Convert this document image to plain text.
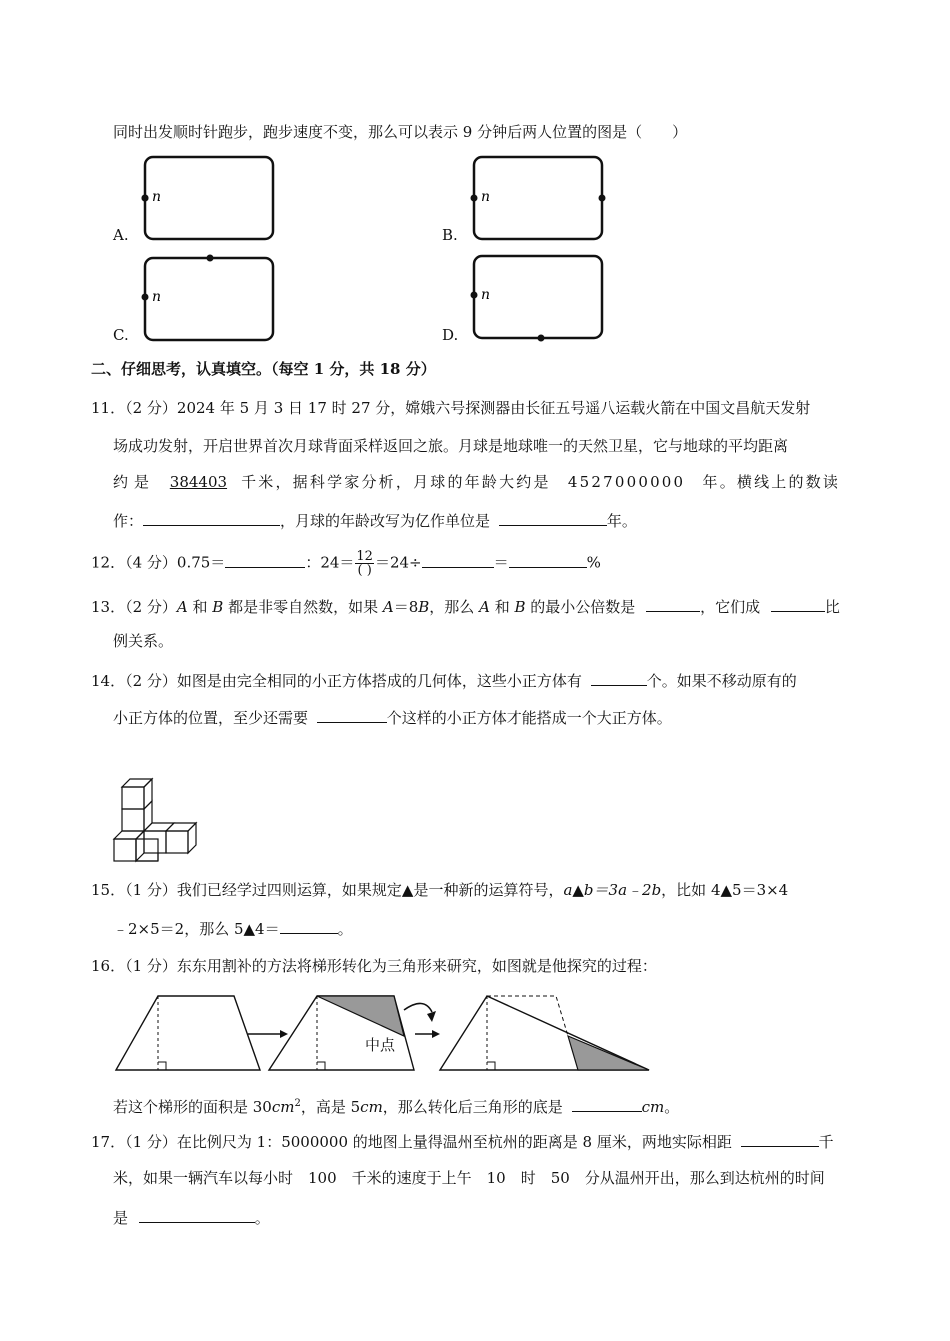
同时出发顺时针跑步，跑步速度不变，那么可以表示 9 分钟后两人位置的图是（　　）
A.
n
B.
n
C.
n
D.
n
二、仔细思考，认真填空。（每空 1 分，共 18 分）
11．（2 分）2024 年 5 月 3 日 17 时 27 分，嫦娥六号探测器由长征五号遥八运载火箭在中国文昌航天发射
场成功发射，开启世界首次月球背面采样返回之旅。月球是地球唯一的天然卫星，它与地球的平均距离
约是 384403 千米，据科学家分析，月球的年龄大约是　4527000000　年。横线上的数读
作：	，月球的年龄改写为亿作单位是	年。
12．（4 分）0.75＝	：$24= \frac{12}{( )} =24\div$	＝	%
13．（2 分）A 和 B 都是非零自然数，如果 A＝8B，那么 A 和 B 的最小公倍数是	，它们成	比
例关系。
14．（2 分）如图是由完全相同的小正方体搭成的几何体，这些小正方体有	个。如果不移动原有的
小正方体的位置，至少还需要	个这样的小正方体才能搭成一个大正方体。
15．（1 分）我们已经学过四则运算，如果规定▲是一种新的运算符号，a▲b＝3a﹣2b，比如 4▲5＝3×4
﹣2×5＝2，那么 5▲4＝	。
16．（1 分）东东用割补的方法将梯形转化为三角形来研究，如图就是他探究的过程：
中点
若这个梯形的面积是 $30cm^2$，高是 5cm，那么转化后三角形的底是	cm。
17．（1 分）在比例尺为 1：5000000 的地图上量得温州至杭州的距离是 8 厘米，两地实际相距	千
米，如果一辆汽车以每小时　100　千米的速度于上午　10　时　50　分从温州开出，那么到达杭州的时间
是	。
